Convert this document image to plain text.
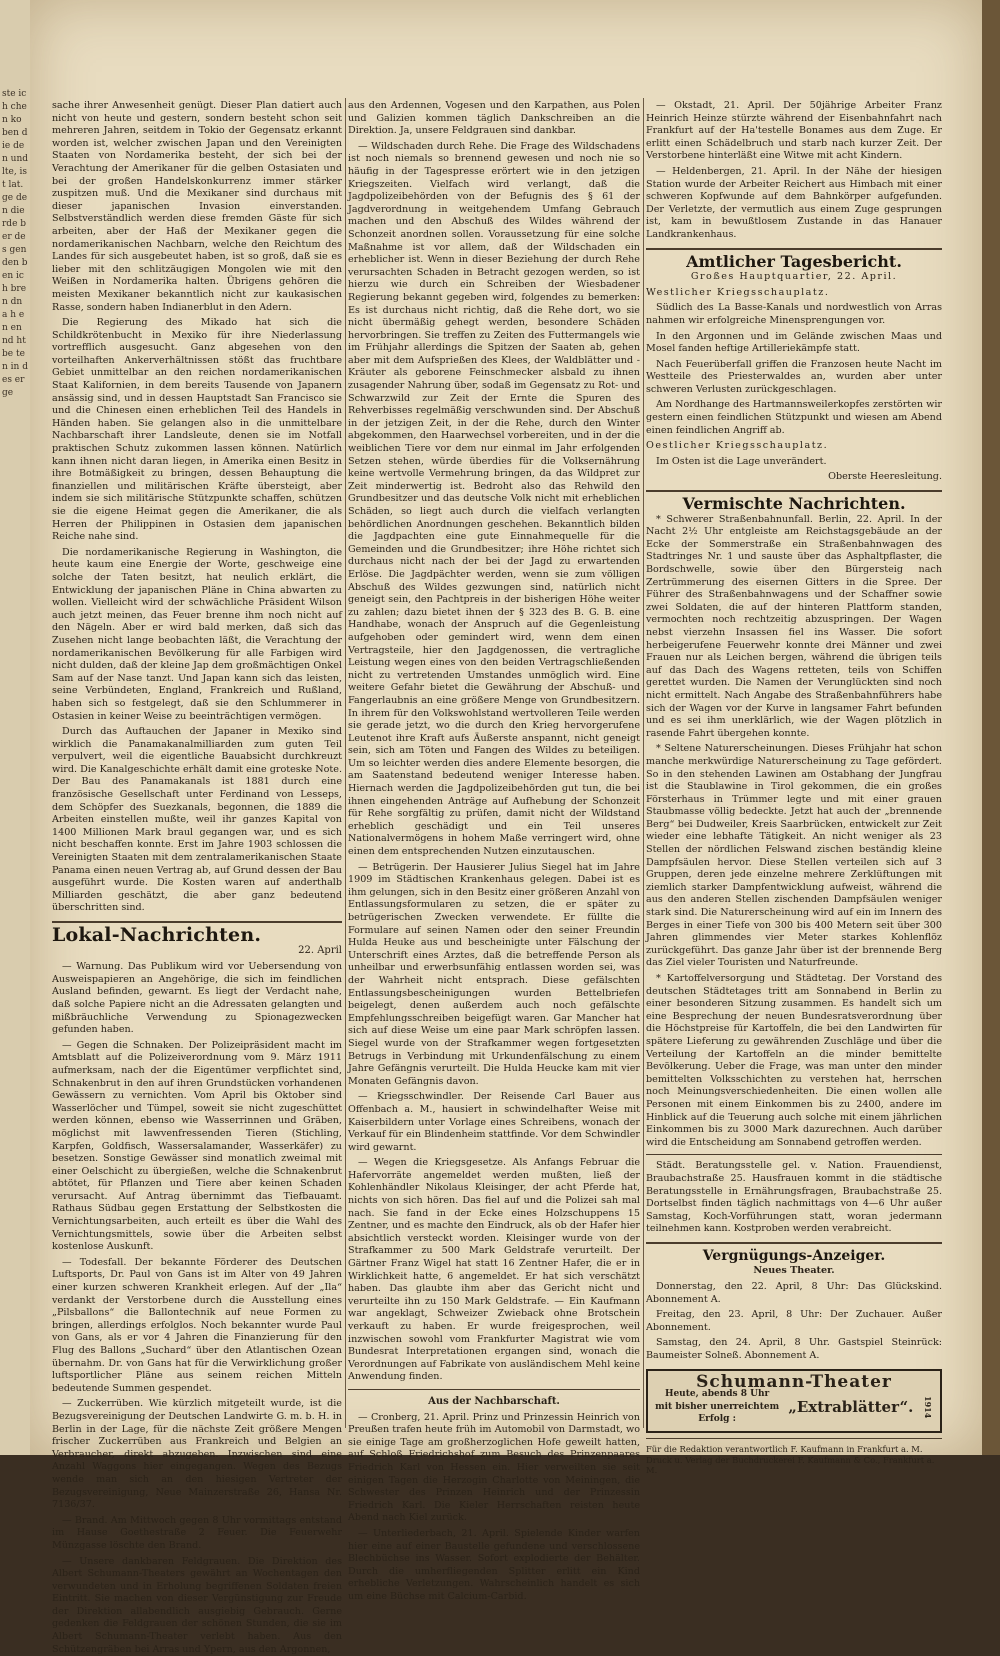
ste ich chen ko ben die den und lte, ist lat. ge den die rde ber des gen den ben ich bren dn a h en en nd ht be ten in des er ge

sache ihrer Anwesenheit genügt. Dieser Plan datiert auch nicht von heute und gestern, sondern besteht schon seit mehreren Jahren, seitdem in Tokio der Gegensatz erkannt worden ist, welcher zwischen Japan und den Vereinigten Staaten von Nordamerika besteht, der sich bei der Verachtung der Amerikaner für die gelben Ostasiaten und bei der großen Handelskonkurrenz immer stärker zuspitzen muß. Und die Mexikaner sind durchaus mit dieser japanischen Invasion einverstanden. Selbstverständlich werden diese fremden Gäste für sich arbeiten, aber der Haß der Mexikaner gegen die nordamerikanischen Nachbarn, welche den Reichtum des Landes für sich ausgebeutet haben, ist so groß, daß sie es lieber mit den schlitzäugigen Mongolen wie mit den Weißen in Nordamerika halten. Übrigens gehören die meisten Mexikaner bekanntlich nicht zur kaukasischen Rasse, sondern haben Indianerblut in den Adern.

Die Regierung des Mikado hat sich die Schildkrötenbucht in Mexiko für ihre Niederlassung vortrefflich ausgesucht. Ganz abgesehen von den vorteilhaften Ankerverhältnissen stößt das fruchtbare Gebiet unmittelbar an den reichen nordamerikanischen Staat Kalifornien, in dem bereits Tausende von Japanern ansässig sind, und in dessen Hauptstadt San Francisco sie und die Chinesen einen erheblichen Teil des Handels in Händen haben. Sie gelangen also in die unmittelbare Nachbarschaft ihrer Landsleute, denen sie im Notfall praktischen Schutz zukommen lassen können. Natürlich kann ihnen nicht daran liegen, in Amerika einen Besitz in ihre Botmäßigkeit zu bringen, dessen Behauptung die finanziellen und militärischen Kräfte übersteigt, aber indem sie sich militärische Stützpunkte schaffen, schützen sie die eigene Heimat gegen die Amerikaner, die als Herren der Philippinen in Ostasien dem japanischen Reiche nahe sind.

Die nordamerikanische Regierung in Washington, die heute kaum eine Energie der Worte, geschweige eine solche der Taten besitzt, hat neulich erklärt, die Entwicklung der japanischen Pläne in China abwarten zu wollen. Vielleicht wird der schwächliche Präsident Wilson auch jetzt meinen, das Feuer brenne ihm noch nicht auf den Nägeln. Aber er wird bald merken, daß sich das Zusehen nicht lange beobachten läßt, die Verachtung der nordamerikanischen Bevölkerung für alle Farbigen wird nicht dulden, daß der kleine Jap dem großmächtigen Onkel Sam auf der Nase tanzt. Und Japan kann sich das leisten, seine Verbündeten, England, Frankreich und Rußland, haben sich so festgelegt, daß sie den Schlummerer in Ostasien in keiner Weise zu beeinträchtigen vermögen.

Durch das Auftauchen der Japaner in Mexiko sind wirklich die Panamakanalmilliarden zum guten Teil verpulvert, weil die eigentliche Bauabsicht durchkreuzt wird. Die Kanalgeschichte erhält damit eine groteske Note. Der Bau des Panamakanals ist 1881 durch eine französische Gesellschaft unter Ferdinand von Lesseps, dem Schöpfer des Suezkanals, begonnen, die 1889 die Arbeiten einstellen mußte, weil ihr ganzes Kapital von 1400 Millionen Mark braul gegangen war, und es sich nicht beschaffen konnte. Erst im Jahre 1903 schlossen die Vereinigten Staaten mit dem zentralamerikanischen Staate Panama einen neuen Vertrag ab, auf Grund dessen der Bau ausgeführt wurde. Die Kosten waren auf anderthalb Milliarden geschätzt, die aber ganz bedeutend überschritten sind.

Lokal-Nachrichten.
22. April

— Warnung. Das Publikum wird vor Uebersendung von Ausweispapieren an Angehörige, die sich im feindlichen Ausland befinden, gewarnt. Es liegt der Verdacht nahe, daß solche Papiere nicht an die Adressaten gelangten und mißbräuchliche Verwendung zu Spionagezwecken gefunden haben.

— Gegen die Schnaken. Der Polizeipräsident macht im Amtsblatt auf die Polizeiverordnung vom 9. März 1911 aufmerksam, nach der die Eigentümer verpflichtet sind, Schnakenbrut in den auf ihren Grundstücken vorhandenen Gewässern zu vernichten. Vom April bis Oktober sind Wasserlöcher und Tümpel, soweit sie nicht zugeschüttet werden können, ebenso wie Wasserrinnen und Gräben, möglichst mit lawvenfressenden Tieren (Stichling, Karpfen, Goldfisch, Wassersalamander, Wasserkäfer) zu besetzen. Sonstige Gewässer sind monatlich zweimal mit einer Oelschicht zu übergießen, welche die Schnakenbrut abtötet, für Pflanzen und Tiere aber keinen Schaden verursacht. Auf Antrag übernimmt das Tiefbauamt. Rathaus Südbau gegen Erstattung der Selbstkosten die Vernichtungsarbeiten, auch erteilt es über die Wahl des Vernichtungsmittels, sowie über die Arbeiten selbst kostenlose Auskunft.

— Todesfall. Der bekannte Förderer des Deutschen Luftsports, Dr. Paul von Gans ist im Alter von 49 Jahren einer kurzen schweren Krankheit erlegen. Auf der „Ila“ verdankt der Verstorbene durch die Ausstellung eines „Pilsballons“ die Ballontechnik auf neue Formen zu bringen, allerdings erfolglos. Noch bekannter wurde Paul von Gans, als er vor 4 Jahren die Finanzierung für den Flug des Ballons „Suchard“ über den Atlantischen Ozean übernahm. Dr. von Gans hat für die Verwirklichung großer luftsportlicher Pläne aus seinem reichen Mitteln bedeutende Summen gespendet.

— Zuckerrüben. Wie kürzlich mitgeteilt wurde, ist die Bezugsvereinigung der Deutschen Landwirte G. m. b. H. in Berlin in der Lage, für die nächste Zeit größere Mengen frischer Zuckerrüben aus Frankreich und Belgien an Verbraucher, direkt abzugeben. Inzwischen sind eine Anzahl Waggons hier eingegangen. Wegen des Bezugs wende man sich an den hiesigen Vertreter der Bezugsvereinigung, Neue Mainzerstraße 26, Hansa Nr. 7136/37.

— Brand. Am Mittwoch gegen 8 Uhr vormittags entstand im Hause Goethestraße 2 Feuer. Die Feuerwehr Münzgasse löschte den Brand.

— Unsere dankbaren Feldgrauen. Die Direktion des Albert Schumann-Theaters gewährt an Wochentagen den verwundeten und in Erholung begriffenen Soldaten freien Eintritt. Sie machen von dieser Vergünstigung zur Freude der Direktion allabendlich ausgiebig Gebrauch. Gerne gedenken die Feldgrauen der schönen Stunden, die sie im Albert Schumann-Theater verlebt haben. Aus den Schützengräben bei Arras und Ypern, aus den Argonnen,

aus den Ardennen, Vogesen und den Karpathen, aus Polen und Galizien kommen täglich Dankschreiben an die Direktion. Ja, unsere Feldgrauen sind dankbar.

— Wildschaden durch Rehe. Die Frage des Wildschadens ist noch niemals so brennend gewesen und noch nie so häufig in der Tagespresse erörtert wie in den jetzigen Kriegszeiten. Vielfach wird verlangt, daß die Jagdpolizeibehörden von der Befugnis des § 61 der Jagdverordnung in weitgehendem Umfang Gebrauch machen und den Abschuß des Wildes während der Schonzeit anordnen sollen. Voraussetzung für eine solche Maßnahme ist vor allem, daß der Wildschaden ein erheblicher ist. Wenn in dieser Beziehung der durch Rehe verursachten Schaden in Betracht gezogen werden, so ist hierzu wie durch ein Schreiben der Wiesbadener Regierung bekannt gegeben wird, folgendes zu bemerken: Es ist durchaus nicht richtig, daß die Rehe dort, wo sie nicht übermäßig gehegt werden, besondere Schäden hervorbringen. Sie treffen zu Zeiten des Futtermangels wie im Frühjahr allerdings die Spitzen der Saaten ab, gehen aber mit dem Aufsprießen des Klees, der Waldblätter und -Kräuter als geborene Feinschmecker alsbald zu ihnen zusagender Nahrung über, sodaß im Gegensatz zu Rot- und Schwarzwild zur Zeit der Ernte die Spuren des Rehverbisses regelmäßig verschwunden sind. Der Abschuß in der jetzigen Zeit, in der die Rehe, durch den Winter abgekommen, den Haarwechsel vorbereiten, und in der die weiblichen Tiere vor dem nur einmal im Jahr erfolgenden Setzen stehen, würde überdies für die Volksernährung keine wertvolle Vermehrung bringen, da das Wildpret zur Zeit minderwertig ist. Bedroht also das Rehwild den Grundbesitzer und das deutsche Volk nicht mit erheblichen Schäden, so liegt auch durch die vielfach verlangten behördlichen Anordnungen geschehen. Bekanntlich bilden die Jagdpachten eine gute Einnahmequelle für die Gemeinden und die Grundbesitzer; ihre Höhe richtet sich durchaus nicht nach der bei der Jagd zu erwartenden Erlöse. Die Jagdpächter werden, wenn sie zum völligen Abschuß des Wildes gezwungen sind, natürlich nicht geneigt sein, den Pachtpreis in der bisherigen Höhe weiter zu zahlen; dazu bietet ihnen der § 323 des B. G. B. eine Handhabe, wonach der Anspruch auf die Gegenleistung aufgehoben oder gemindert wird, wenn dem einen Vertragsteile, hier den Jagdgenossen, die vertragliche Leistung wegen eines von den beiden Vertragschließenden nicht zu vertretenden Umstandes unmöglich wird. Eine weitere Gefahr bietet die Gewährung der Abschuß- und Fangerlaubnis an eine größere Menge von Grundbesitzern. In ihrem für den Volkswohlstand wertvolleren Teile werden sie gerade jetzt, wo die durch den Krieg hervorgerufene Leutenot ihre Kraft aufs Äußerste anspannt, nicht geneigt sein, sich am Töten und Fangen des Wildes zu beteiligen. Um so leichter werden dies andere Elemente besorgen, die am Saatenstand bedeutend weniger Interesse haben. Hiernach werden die Jagdpolizeibehörden gut tun, die bei ihnen eingehenden Anträge auf Aufhebung der Schonzeit für Rehe sorgfältig zu prüfen, damit nicht der Wildstand erheblich geschädigt und ein Teil unseres Nationalvermögens in hohem Maße verringert wird, ohne einen dem entsprechenden Nutzen einzutauschen.

— Betrügerin. Der Hausierer Julius Siegel hat im Jahre 1909 im Städtischen Krankenhaus gelegen. Dabei ist es ihm gelungen, sich in den Besitz einer größeren Anzahl von Entlassungsformularen zu setzen, die er später zu betrügerischen Zwecken verwendete. Er füllte die Formulare auf seinen Namen oder den seiner Freundin Hulda Heuke aus und bescheinigte unter Fälschung der Unterschrift eines Arztes, daß die betreffende Person als unheilbar und erwerbsunfähig entlassen worden sei, was der Wahrheit nicht entsprach. Diese gefälschten Entlassungsbescheinigungen wurden Bettelbriefen beigelegt, denen außerdem auch noch gefälschte Empfehlungsschreiben beigefügt waren. Gar Mancher hat sich auf diese Weise um eine paar Mark schröpfen lassen. Siegel wurde von der Strafkammer wegen fortgesetzten Betrugs in Verbindung mit Urkundenfälschung zu einem Jahre Gefängnis verurteilt. Die Hulda Heucke kam mit vier Monaten Gefängnis davon.

— Kriegsschwindler. Der Reisende Carl Bauer aus Offenbach a. M., hausiert in schwindelhafter Weise mit Kaiserbildern unter Vorlage eines Schreibens, wonach der Verkauf für ein Blindenheim stattfinde. Vor dem Schwindler wird gewarnt.

— Wegen die Kriegsgesetze. Als Anfangs Februar die Hafervorräte angemeldet werden mußten, ließ der Kohlenhändler Nikolaus Kleisinger, der acht Pferde hat, nichts von sich hören. Das fiel auf und die Polizei sah mal nach. Sie fand in der Ecke eines Holzschuppens 15 Zentner, und es machte den Eindruck, als ob der Hafer hier absichtlich versteckt worden. Kleisinger wurde von der Strafkammer zu 500 Mark Geldstrafe verurteilt. Der Gärtner Franz Wigel hat statt 16 Zentner Hafer, die er in Wirklichkeit hatte, 6 angemeldet. Er hat sich verschätzt haben. Das glaubte ihm aber das Gericht nicht und verurteilte ihn zu 150 Mark Geldstrafe. — Ein Kaufmann war angeklagt, Schweizer Zwieback ohne Brotschein verkauft zu haben. Er wurde freigesprochen, weil inzwischen sowohl vom Frankfurter Magistrat wie vom Bundesrat Interpretationen ergangen sind, wonach die Verordnungen auf Fabrikate von ausländischem Mehl keine Anwendung finden.

Aus der Nachbarschaft.

— Cronberg, 21. April. Prinz und Prinzessin Heinrich von Preußen trafen heute früh im Automobil von Darmstadt, wo sie einige Tage am großherzoglichen Hofe geweilt hatten, auf Schloß Friedrichshof zum Besuch des Prinzenpaares Friedrich Karl von Hessen ein. Hier verweilten sie seit einigen Tagen die Herzogin Charlotte von Meiningen, die Schwester des Prinzen Heinrich und der Prinzessin Friedrich Karl. Die Kieler Herrschaften reisten heute Abend nach Kiel zurück.

— Unterliederbach, 21. April. Spielende Kinder warfen hier eine auf einer Baustelle gefundene und verschlossene Blechbüchse ins Wasser. Sofort explodierte der Behälter. Durch die umherfliegenden Splitter erlitt ein Kind erhebliche Verletzungen. Wahrscheinlich handelt es sich um eine Büchse mit Calcium-Carbid.

— Okstadt, 21. April. Der 50jährige Arbeiter Franz Heinrich Heinze stürzte während der Eisenbahnfahrt nach Frankfurt auf der Ha'testelle Bonames aus dem Zuge. Er erlitt einen Schädelbruch und starb nach kurzer Zeit. Der Verstorbene hinterläßt eine Witwe mit acht Kindern.

— Heldenbergen, 21. April. In der Nähe der hiesigen Station wurde der Arbeiter Reichert aus Himbach mit einer schweren Kopfwunde auf dem Bahnkörper aufgefunden. Der Verletzte, der vermutlich aus einem Zuge gesprungen ist, kam in bewußtlosem Zustande in das Hanauer Landkrankenhaus.

Amtlicher Tagesbericht.

Großes Hauptquartier, 22. April.

Westlicher Kriegsschauplatz.

Südlich des La Basse-Kanals und nordwestlich von Arras nahmen wir erfolgreiche Minensprengungen vor.

In den Argonnen und im Gelände zwischen Maas und Mosel fanden heftige Artilleriekämpfe statt.

Nach Feuerüberfall griffen die Franzosen heute Nacht im Westteile des Priesterwaldes an, wurden aber unter schweren Verlusten zurückgeschlagen.

Am Nordhange des Hartmannsweilerkopfes zerstörten wir gestern einen feindlichen Stützpunkt und wiesen am Abend einen feindlichen Angriff ab.

Oestlicher Kriegsschauplatz.

Im Osten ist die Lage unverändert.

Oberste Heeresleitung.

Vermischte Nachrichten.

* Schwerer Straßenbahnunfall. Berlin, 22. April. In der Nacht 2½ Uhr entgleiste am Reichstagsgebäude an der Ecke der Sommerstraße ein Straßenbahnwagen des Stadtringes Nr. 1 und sauste über das Asphaltpflaster, die Bordschwelle, sowie über den Bürgersteig nach Zertrümmerung des eisernen Gitters in die Spree. Der Führer des Straßenbahnwagens und der Schaffner sowie zwei Soldaten, die auf der hinteren Plattform standen, vermochten noch rechtzeitig abzuspringen. Der Wagen nebst vierzehn Insassen fiel ins Wasser. Die sofort herbeigerufene Feuerwehr konnte drei Männer und zwei Frauen nur als Leichen bergen, während die übrigen teils auf das Dach des Wagens retteten, teils von Schiffen gerettet wurden. Die Namen der Verunglückten sind noch nicht ermittelt. Nach Angabe des Straßenbahnführers habe sich der Wagen vor der Kurve in langsamer Fahrt befunden und es sei ihm unerklärlich, wie der Wagen plötzlich in rasende Fahrt übergehen konnte.

* Seltene Naturerscheinungen. Dieses Frühjahr hat schon manche merkwürdige Naturerscheinung zu Tage gefördert. So in den stehenden Lawinen am Ostabhang der Jungfrau ist die Staublawine in Tirol gekommen, die ein großes Försterhaus in Trümmer legte und mit einer grauen Staubmasse völlig bedeckte. Jetzt hat auch der „brennende Berg“ bei Dudweiler, Kreis Saarbrücken, entwickelt zur Zeit wieder eine lebhafte Tätigkeit. An nicht weniger als 23 Stellen der nördlichen Felswand zischen beständig kleine Dampfsäulen hervor. Diese Stellen verteilen sich auf 3 Gruppen, deren jede einzelne mehrere Zerklüftungen mit ziemlich starker Dampfentwicklung aufweist, während die aus den anderen Stellen zischenden Dampfsäulen weniger stark sind. Die Naturerscheinung wird auf ein im Innern des Berges in einer Tiefe von 300 bis 400 Metern seit über 300 Jahren glimmendes vier Meter starkes Kohlenflöz zurückgeführt. Das ganze Jahr über ist der brennende Berg das Ziel vieler Touristen und Naturfreunde.

* Kartoffelversorgung und Städtetag. Der Vorstand des deutschen Städtetages tritt am Sonnabend in Berlin zu einer besonderen Sitzung zusammen. Es handelt sich um eine Besprechung der neuen Bundesratsverordnung über die Höchstpreise für Kartoffeln, die bei den Landwirten für spätere Lieferung zu gewährenden Zuschläge und über die Verteilung der Kartoffeln an die minder bemittelte Bevölkerung. Ueber die Frage, was man unter den minder bemittelten Volksschichten zu verstehen hat, herrschen noch Meinungsverschiedenheiten. Die einen wollen alle Personen mit einem Einkommen bis zu 2400, andere im Hinblick auf die Teuerung auch solche mit einem jährlichen Einkommen bis zu 3000 Mark dazurechnen. Auch darüber wird die Entscheidung am Sonnabend getroffen werden.

Städt. Beratungsstelle gel. v. Nation. Frauendienst, Braubachstraße 25. Hausfrauen kommt in die städtische Beratungsstelle in Ernährungsfragen, Braubachstraße 25. Dortselbst finden täglich nachmittags von 4—6 Uhr außer Samstag, Koch-Vorführungen statt, woran jedermann teilnehmen kann. Kostproben werden verabreicht.

Vergnügungs-Anzeiger.

Neues Theater.

Donnerstag, den 22. April, 8 Uhr: Das Glückskind. Abonnement A.

Freitag, den 23. April, 8 Uhr: Der Zuchauer. Außer Abonnement.

Samstag, den 24. April, 8 Uhr. Gastspiel Steinrück: Baumeister Solneß. Abonnement A.

Schumann-Theater
Heute, abends 8 Uhr
mit bisher unerreichtem Erfolg :
„Extrablätter“. 1914
Für die Redaktion verantwortlich F. Kaufmann in Frankfurt a. M.
Druck u. Verlag der Buchdruckerei F. Kaufmann & Co., Frankfurt a. M.
